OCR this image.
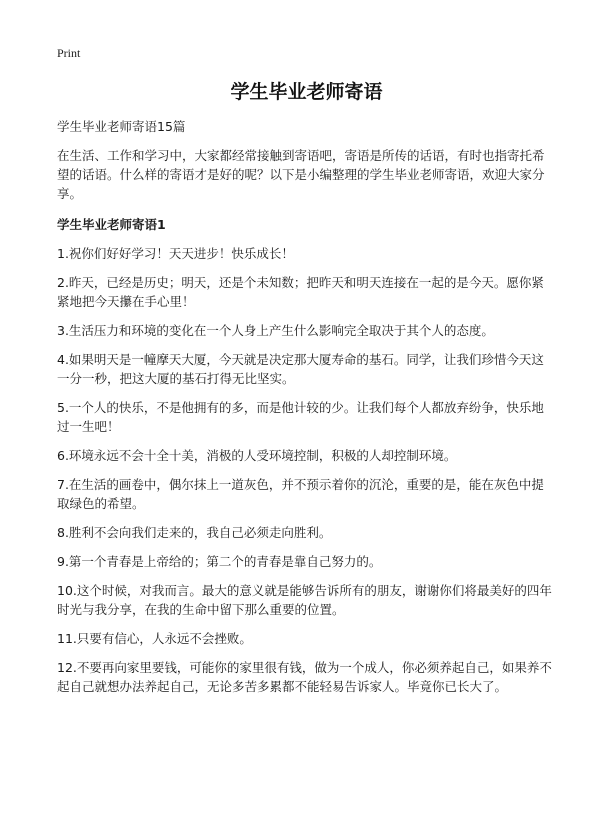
Print
学生毕业老师寄语

学生毕业老师寄语15篇

在生活、工作和学习中，大家都经常接触到寄语吧，寄语是所传的话语，有时也指寄托希望的话语。什么样的寄语才是好的呢？以下是小编整理的学生毕业老师寄语，欢迎大家分享。

学生毕业老师寄语1

1.祝你们好好学习！天天进步！快乐成长！
2.昨天，已经是历史；明天，还是个未知数；把昨天和明天连接在一起的是今天。愿你紧紧地把今天攥在手心里！
3.生活压力和环境的变化在一个人身上产生什么影响完全取决于其个人的态度。
4.如果明天是一幢摩天大厦，今天就是决定那大厦寿命的基石。同学，让我们珍惜今天这一分一秒，把这大厦的基石打得无比坚实。
5.一个人的快乐，不是他拥有的多，而是他计较的少。让我们每个人都放弃纷争，快乐地过一生吧！
6.环境永远不会十全十美，消极的人受环境控制，积极的人却控制环境。
7.在生活的画卷中，偶尔抹上一道灰色，并不预示着你的沉沦，重要的是，能在灰色中提取绿色的希望。
8.胜利不会向我们走来的，我自己必须走向胜利。
9.第一个青春是上帝给的；第二个的青春是靠自己努力的。
10.这个时候，对我而言。最大的意义就是能够告诉所有的朋友，谢谢你们将最美好的四年时光与我分享，在我的生命中留下那么重要的位置。
11.只要有信心，人永远不会挫败。
12.不要再向家里要钱，可能你的家里很有钱，做为一个成人，你必须养起自己，如果养不起自己就想办法养起自己，无论多苦多累都不能轻易告诉家人。毕竟你已长大了。
